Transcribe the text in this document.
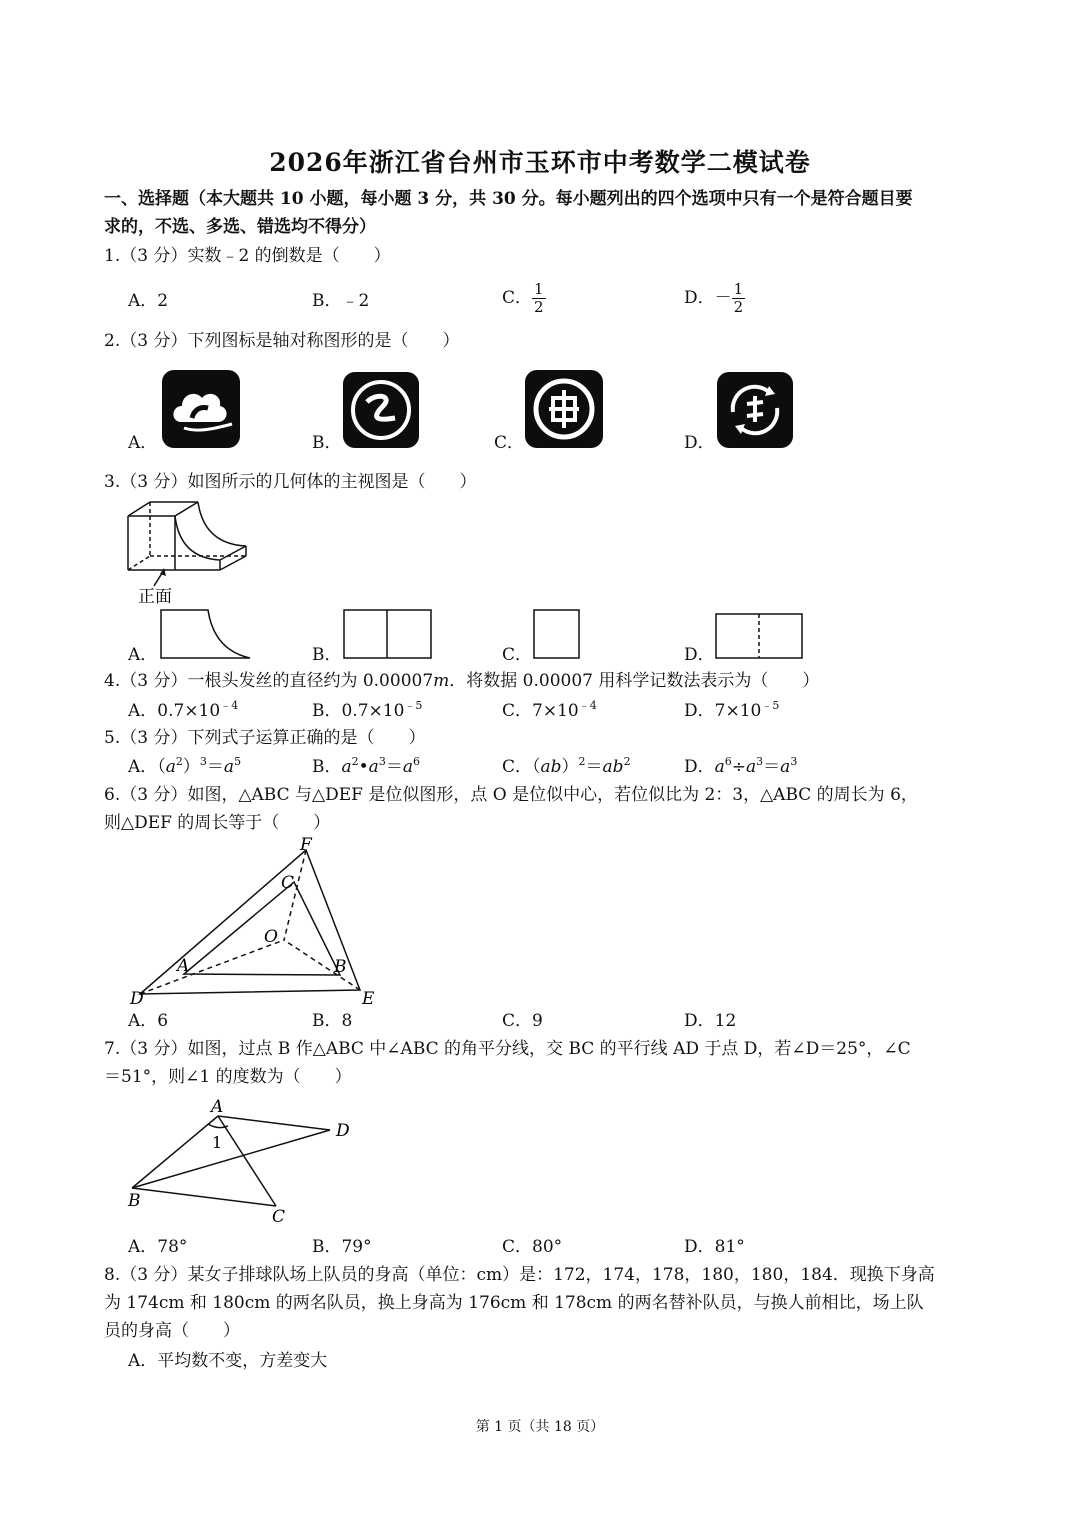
2026年浙江省台州市玉环市中考数学二模试卷
一、选择题（本大题共 10 小题，每小题 3 分，共 30 分。每小题列出的四个选项中只有一个是符合题目要
求的，不选、多选、错选均不得分）
1.（3 分）实数﹣2 的倒数是（　　）
A．2	B．﹣2	C． $\frac{1}{2}$	D．－ $\frac{1}{2}$
2.（3 分）下列图标是轴对称图形的是（　　）
A．	B．	C．	D．
3.（3 分）如图所示的几何体的主视图是（　　）
正面
A．	B．	C．	D．
4.（3 分）一根头发丝的直径约为 0.00007m．将数据 0.00007 用科学记数法表示为（　　）
A．$0.7\times 10^{﹣4}$	B．$0.7\times 10^{﹣5}$	C．$7\times 10^{﹣4}$	D．$7\times 10^{﹣5}$
5.（3 分）下列式子运算正确的是（　　）
A．$(a^2)^3=a^5$	B．$a^2•a^3=a^6$	C．$(ab)^2=ab^2$	D．$a^6\div a^3=a^3$
6.（3 分）如图，△ABC 与△DEF 是位似图形，点 O 是位似中心，若位似比为 2：3，△ABC 的周长为 6，
则△DEF 的周长等于（　　）
F
C
O
A	B
D	E
A．6	B．8	C．9	D．12
7.（3 分）如图，过点 B 作△ABC 中∠ABC 的角平分线，交 BC 的平行线 AD 于点 D，若∠D＝25°，∠C
＝51°，则∠1 的度数为（　　）
A
D
B
C
1
A．78°	B．79°	C．80°	D．81°
8.（3 分）某女子排球队场上队员的身高（单位：cm）是：172，174，178，180，180，184．现换下身高
为 174cm 和 180cm 的两名队员，换上身高为 176cm 和 178cm 的两名替补队员，与换人前相比，场上队
员的身高（　　）
A．平均数不变，方差变大
第 1 页（共 18 页）
